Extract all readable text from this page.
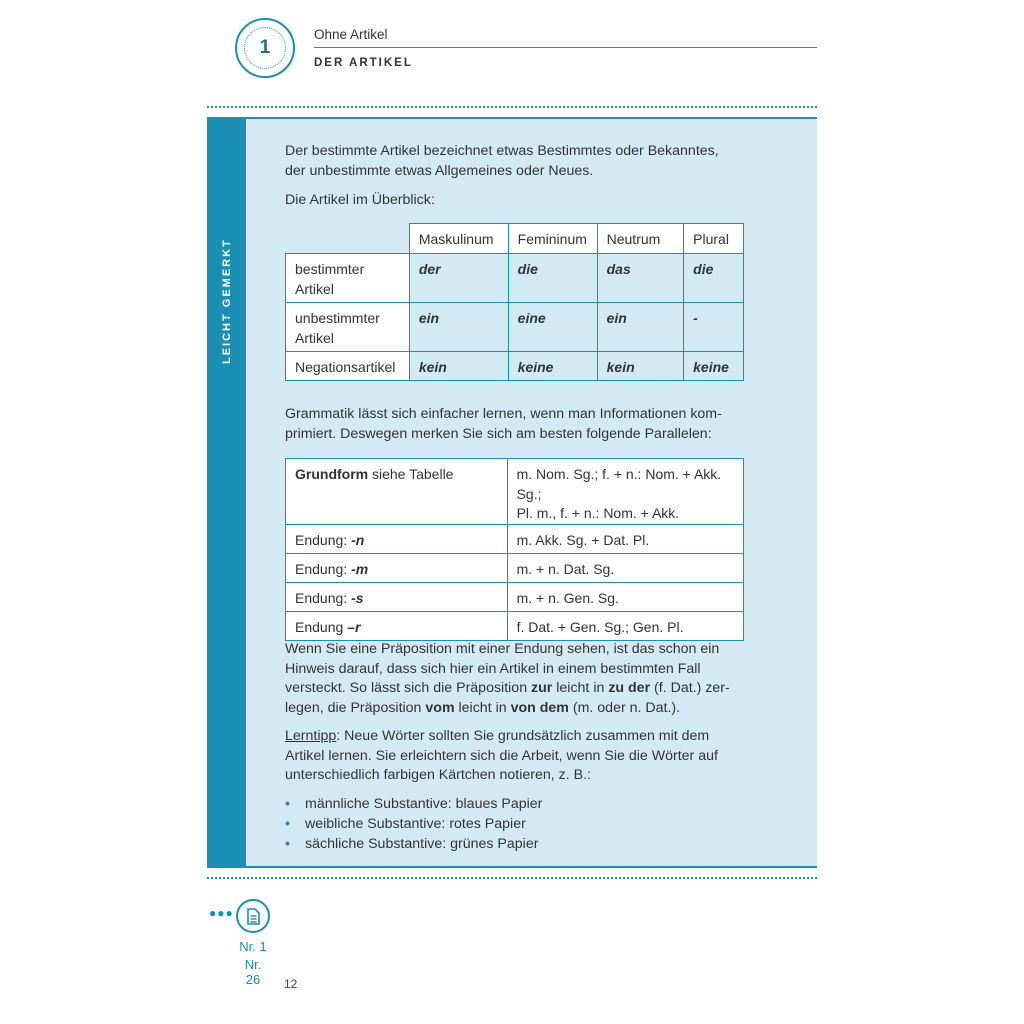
1
Ohne Artikel
DER ARTIKEL
LEICHT GEMERKT
Der bestimmte Artikel bezeichnet etwas Bestimmtes oder Bekanntes,
der unbestimmte etwas Allgemeines oder Neues.
Die Artikel im Überblick:
	Maskulinum	Femininum	Neutrum	Plural

bestimmter
Artikel	der	die	das	die

unbestimmter
Artikel	ein	eine	ein	-

Negationsartikel	kein	keine	kein	keine
Grammatik lässt sich einfacher lernen, wenn man Informationen kom-
primiert. Deswegen merken Sie sich am besten folgende Parallelen:
Grundform siehe Tabelle	m. Nom. Sg.; f. + n.: Nom. + Akk. Sg.;
Pl. m., f. + n.: Nom. + Akk.

Endung: -n	m. Akk. Sg. + Dat. Pl.
Endung: -m	m. + n. Dat. Sg.
Endung: -s	m. + n. Gen. Sg.
Endung –r	f. Dat. + Gen. Sg.; Gen. Pl.
Wenn Sie eine Präposition mit einer Endung sehen, ist das schon ein
Hinweis darauf, dass sich hier ein Artikel in einem bestimmten Fall
versteckt. So lässt sich die Präposition zur leicht in zu der (f. Dat.) zer-
legen, die Präposition vom leicht in von dem (m. oder n. Dat.).
Lerntipp: Neue Wörter sollten Sie grundsätzlich zusammen mit dem
Artikel lernen. Sie erleichtern sich die Arbeit, wenn Sie die Wörter auf
unterschiedlich farbigen Kärtchen notieren, z. B.:
• männliche Substantive: blaues Papier
• weibliche Substantive: rotes Papier
• sächliche Substantive: grünes Papier
●●●
Nr. 1
Nr. 26	12
